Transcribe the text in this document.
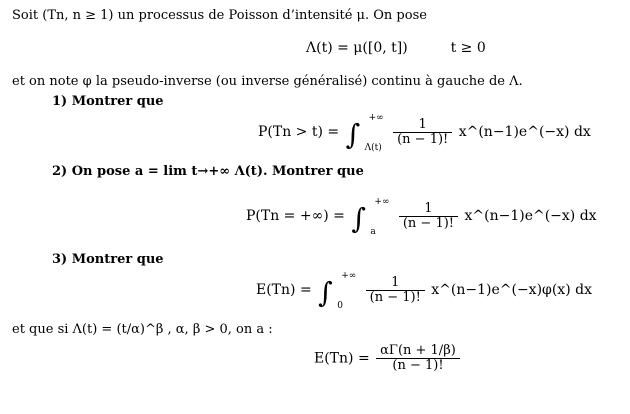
Soit (Tn, n ≥ 1) un processus de Poisson d’intensité μ. On pose
Λ(t) = μ([0, t])	t ≥ 0
et on note φ la pseudo-inverse (ou inverse généralisé) continu à gauche de Λ.
1) Montrer que
P(Tn > t) = ∫ +∞
Λ(t)

$\frac{1}{(n - 1)!}$ x^(n−1)e^(−x) dx
2) On pose a = lim t→+∞ Λ(t). Montrer que
P(Tn = +∞) = ∫ +∞
a

$\frac{1}{(n - 1)!}$ x^(n−1)e^(−x) dx
3) Montrer que
E(Tn) = ∫ +∞
0

$\frac{1}{(n - 1)!}$ x^(n−1)e^(−x)φ(x) dx
et que si Λ(t) = (t/α)^β , α, β > 0, on a :
$E(Tn) = \frac{\alpha\Gamma(n + 1/\beta)}{(n - 1)!}$
